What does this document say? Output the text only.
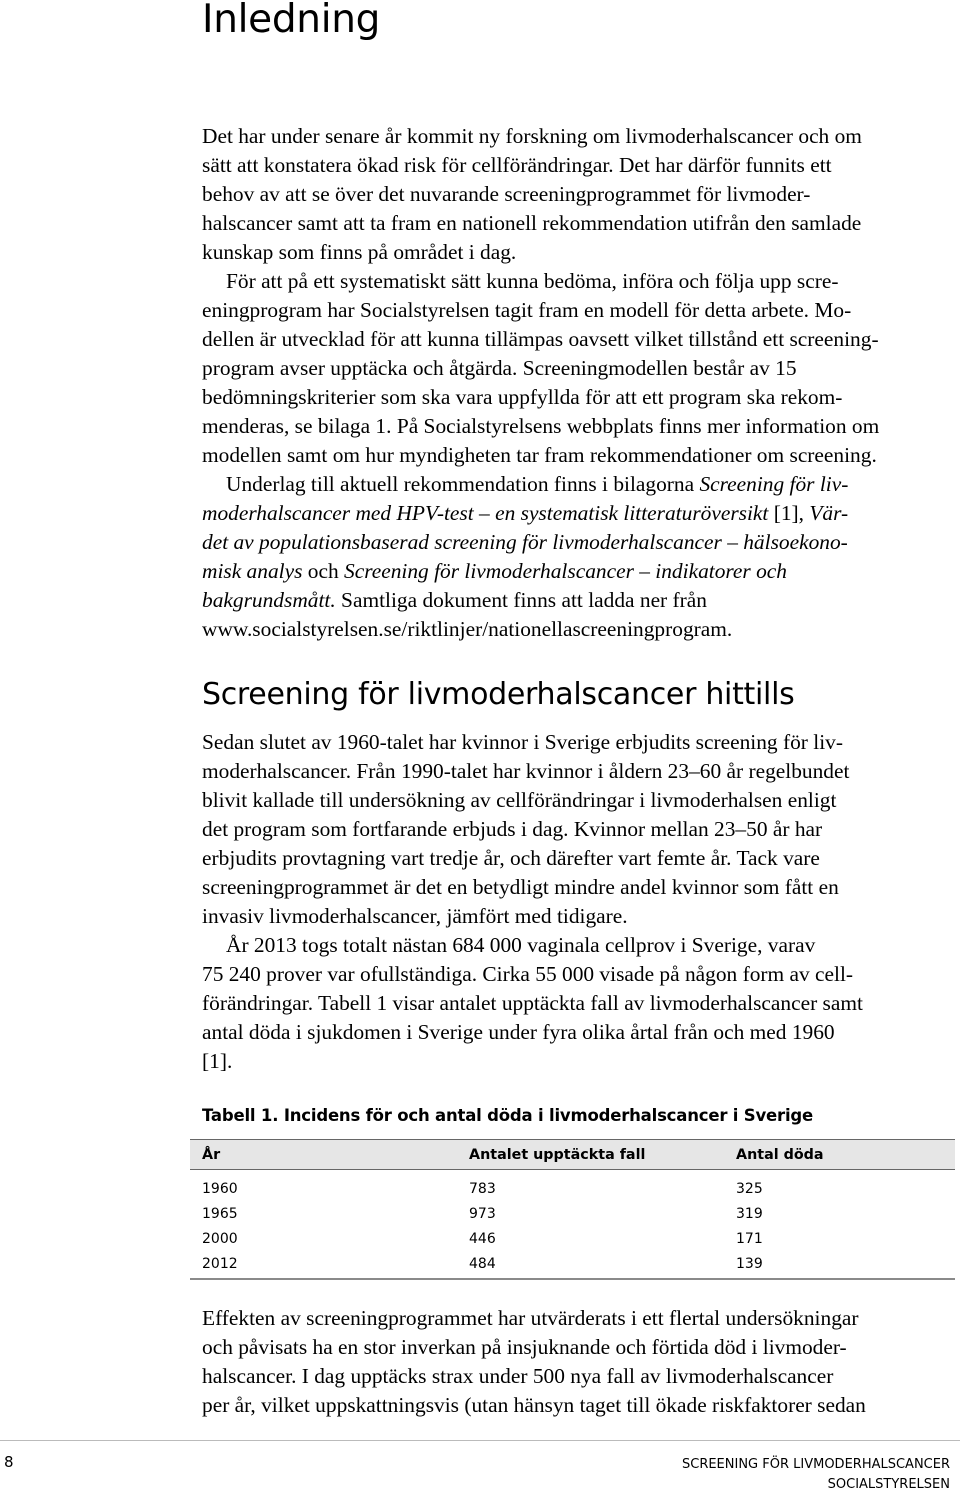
Inledning

Det har under senare år kommit ny forskning om livmoderhalscancer och om
sätt att konstatera ökad risk för cellförändringar. Det har därför funnits ett
behov av att se över det nuvarande screeningprogrammet för livmoder-
halscancer samt att ta fram en nationell rekommendation utifrån den samlade
kunskap som finns på området i dag.

För att på ett systematiskt sätt kunna bedöma, införa och följa upp scre-
eningprogram har Socialstyrelsen tagit fram en modell för detta arbete. Mo-
dellen är utvecklad för att kunna tillämpas oavsett vilket tillstånd ett screening-
program avser upptäcka och åtgärda. Screeningmodellen består av 15
bedömningskriterier som ska vara uppfyllda för att ett program ska rekom-
menderas, se bilaga 1. På Socialstyrelsens webbplats finns mer information om
modellen samt om hur myndigheten tar fram rekommendationer om screening.

Underlag till aktuell rekommendation finns i bilagorna Screening för liv-
moderhalscancer med HPV-test – en systematisk litteraturöversikt [1], Vär-
det av populationsbaserad screening för livmoderhalscancer – hälsoekono-
misk analys och Screening för livmoderhalscancer – indikatorer och
bakgrundsmått. Samtliga dokument finns att ladda ner från
www.socialstyrelsen.se/riktlinjer/nationellascreeningprogram.

Screening för livmoderhalscancer hittills

Sedan slutet av 1960-talet har kvinnor i Sverige erbjudits screening för liv-
moderhalscancer. Från 1990-talet har kvinnor i åldern 23–60 år regelbundet
blivit kallade till undersökning av cellförändringar i livmoderhalsen enligt
det program som fortfarande erbjuds i dag. Kvinnor mellan 23–50 år har
erbjudits provtagning vart tredje år, och därefter vart femte år. Tack vare
screeningprogrammet är det en betydligt mindre andel kvinnor som fått en
invasiv livmoderhalscancer, jämfört med tidigare.

År 2013 togs totalt nästan 684 000 vaginala cellprov i Sverige, varav
75 240 prover var ofullständiga. Cirka 55 000 visade på någon form av cell-
förändringar. Tabell 1 visar antalet upptäckta fall av livmoderhalscancer samt
antal döda i sjukdomen i Sverige under fyra olika årtal från och med 1960
[1].

Tabell 1. Incidens för och antal döda i livmoderhalscancer i Sverige
År	Antalet upptäckta fall	Antal döda
1960	783	325
1965	973	319
2000	446	171
2012	484	139

Effekten av screeningprogrammet har utvärderats i ett flertal undersökningar
och påvisats ha en stor inverkan på insjuknande och förtida död i livmoder-
halscancer. I dag upptäcks strax under 500 nya fall av livmoderhalscancer
per år, vilket uppskattningsvis (utan hänsyn taget till ökade riskfaktorer sedan

8	SCREENING FÖR LIVMODERHALSCANCER
SOCIALSTYRELSEN
